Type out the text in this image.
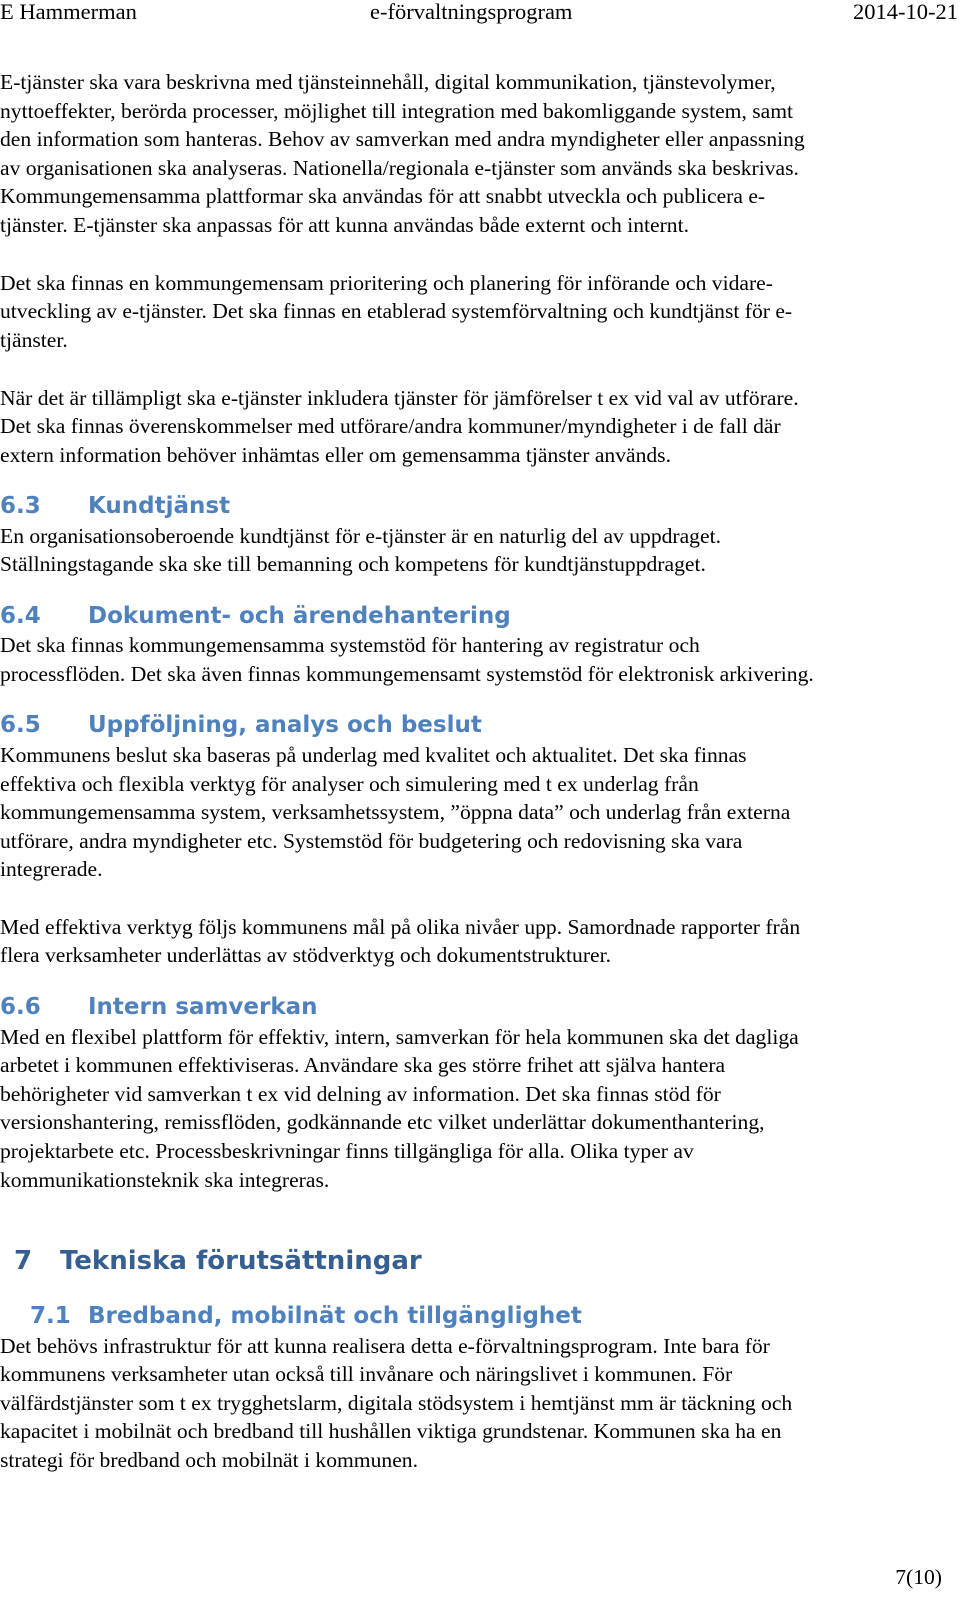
E Hammerman	e-förvaltningsprogram	2014-10-21

E-tjänster ska vara beskrivna med tjänsteinnehåll, digital kommunikation, tjänstevolymer,

nyttoeffekter, berörda processer, möjlighet till integration med bakomliggande system, samt

den information som hanteras. Behov av samverkan med andra myndigheter eller anpassning

av organisationen ska analyseras. Nationella/regionala e-tjänster som används ska beskrivas.

Kommungemensamma plattformar ska användas för att snabbt utveckla och publicera e-

tjänster. E-tjänster ska anpassas för att kunna användas både externt och internt.

Det ska finnas en kommungemensam prioritering och planering för införande och vidare-

utveckling av e-tjänster. Det ska finnas en etablerad systemförvaltning och kundtjänst för e-

tjänster.

När det är tillämpligt ska e-tjänster inkludera tjänster för jämförelser t ex vid val av utförare.

Det ska finnas överenskommelser med utförare/andra kommuner/myndigheter i de fall där

extern information behöver inhämtas eller om gemensamma tjänster används.

6.3 Kundtjänst

En organisationsoberoende kundtjänst för e-tjänster är en naturlig del av uppdraget.

Ställningstagande ska ske till bemanning och kompetens för kundtjänstuppdraget.

6.4 Dokument- och ärendehantering

Det ska finnas kommungemensamma systemstöd för hantering av registratur och

processflöden. Det ska även finnas kommungemensamt systemstöd för elektronisk arkivering.

6.5 Uppföljning, analys och beslut

Kommunens beslut ska baseras på underlag med kvalitet och aktualitet. Det ska finnas

effektiva och flexibla verktyg för analyser och simulering med t ex underlag från

kommungemensamma system, verksamhetssystem, ”öppna data” och underlag från externa

utförare, andra myndigheter etc. Systemstöd för budgetering och redovisning ska vara

integrerade.

Med effektiva verktyg följs kommunens mål på olika nivåer upp. Samordnade rapporter från

flera verksamheter underlättas av stödverktyg och dokumentstrukturer.

6.6 Intern samverkan

Med en flexibel plattform för effektiv, intern, samverkan för hela kommunen ska det dagliga

arbetet i kommunen effektiviseras. Användare ska ges större frihet att själva hantera

behörigheter vid samverkan t ex vid delning av information. Det ska finnas stöd för

versionshantering, remissflöden, godkännande etc vilket underlättar dokumenthantering,

projektarbete etc. Processbeskrivningar finns tillgängliga för alla. Olika typer av

kommunikationsteknik ska integreras.

7 Tekniska förutsättningar
7.1 Bredband, mobilnät och tillgänglighet

Det behövs infrastruktur för att kunna realisera detta e-förvaltningsprogram. Inte bara för

kommunens verksamheter utan också till invånare och näringslivet i kommunen. För

välfärdstjänster som t ex trygghetslarm, digitala stödsystem i hemtjänst mm är täckning och

kapacitet i mobilnät och bredband till hushållen viktiga grundstenar. Kommunen ska ha en

strategi för bredband och mobilnät i kommunen.

7(10)
